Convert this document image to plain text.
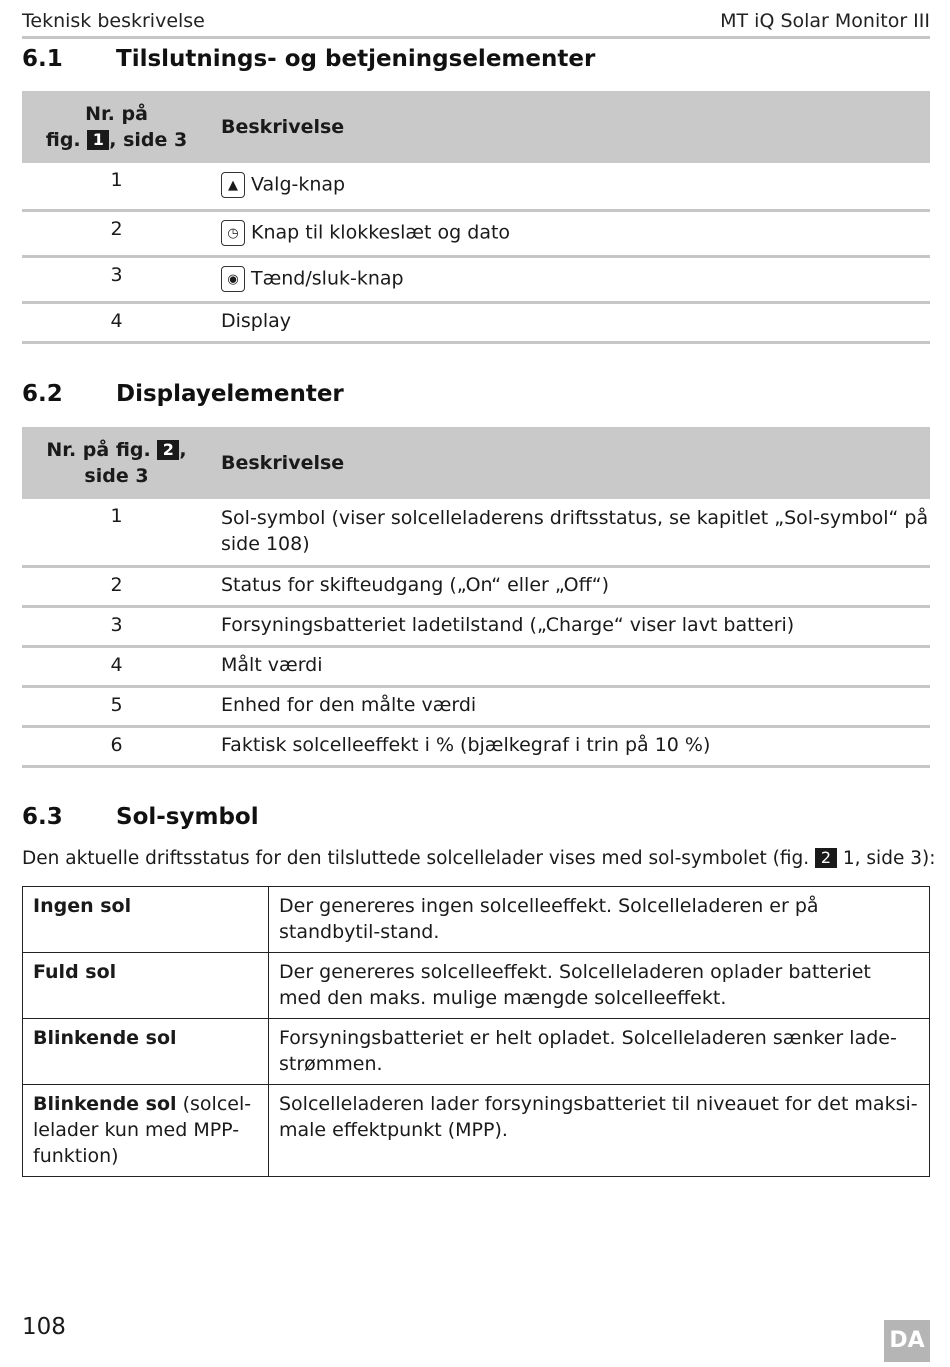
Teknisk beskrivelse	MT iQ Solar Monitor III
6.1 Tilslutnings- og betjeningselementer
Nr. på
fig. 1 , side 3	Beskrivelse
1	▲︎ Valg-knap
2	◷ Knap til klokkeslæt og dato
3	◉ Tænd/sluk-knap
4	Display
6.2 Displayelementer
Nr. på fig. 2 ,
side 3	Beskrivelse
1	Sol-symbol (viser solcelleladerens driftsstatus, se kapitlet „Sol-symbol“ på side 108)
2	Status for skifteudgang („On“ eller „Off“)
3	Forsyningsbatteriet ladetilstand („Charge“ viser lavt batteri)
4	Målt værdi
5	Enhed for den målte værdi
6	Faktisk solcelleeffekt i % (bjælkegraf i trin på 10 %)
6.3 Sol-symbol
Den aktuelle driftsstatus for den tilsluttede solcellelader vises med sol-symbolet (fig. 2 1, side 3):
Ingen sol	Der genereres ingen solcelleeffekt. Solcelleladeren er på standbytil-stand.
Fuld sol	Der genereres solcelleeffekt. Solcelleladeren oplader batteriet med den maks. mulige mængde solcelleeffekt.
Blinkende sol	Forsyningsbatteriet er helt opladet. Solcelleladeren sænker lade-strømmen.
Blinkende sol (solcel-lelader kun med MPP-funktion)	Solcelleladeren lader forsyningsbatteriet til niveauet for det maksi-male effektpunkt (MPP).
108
DA
